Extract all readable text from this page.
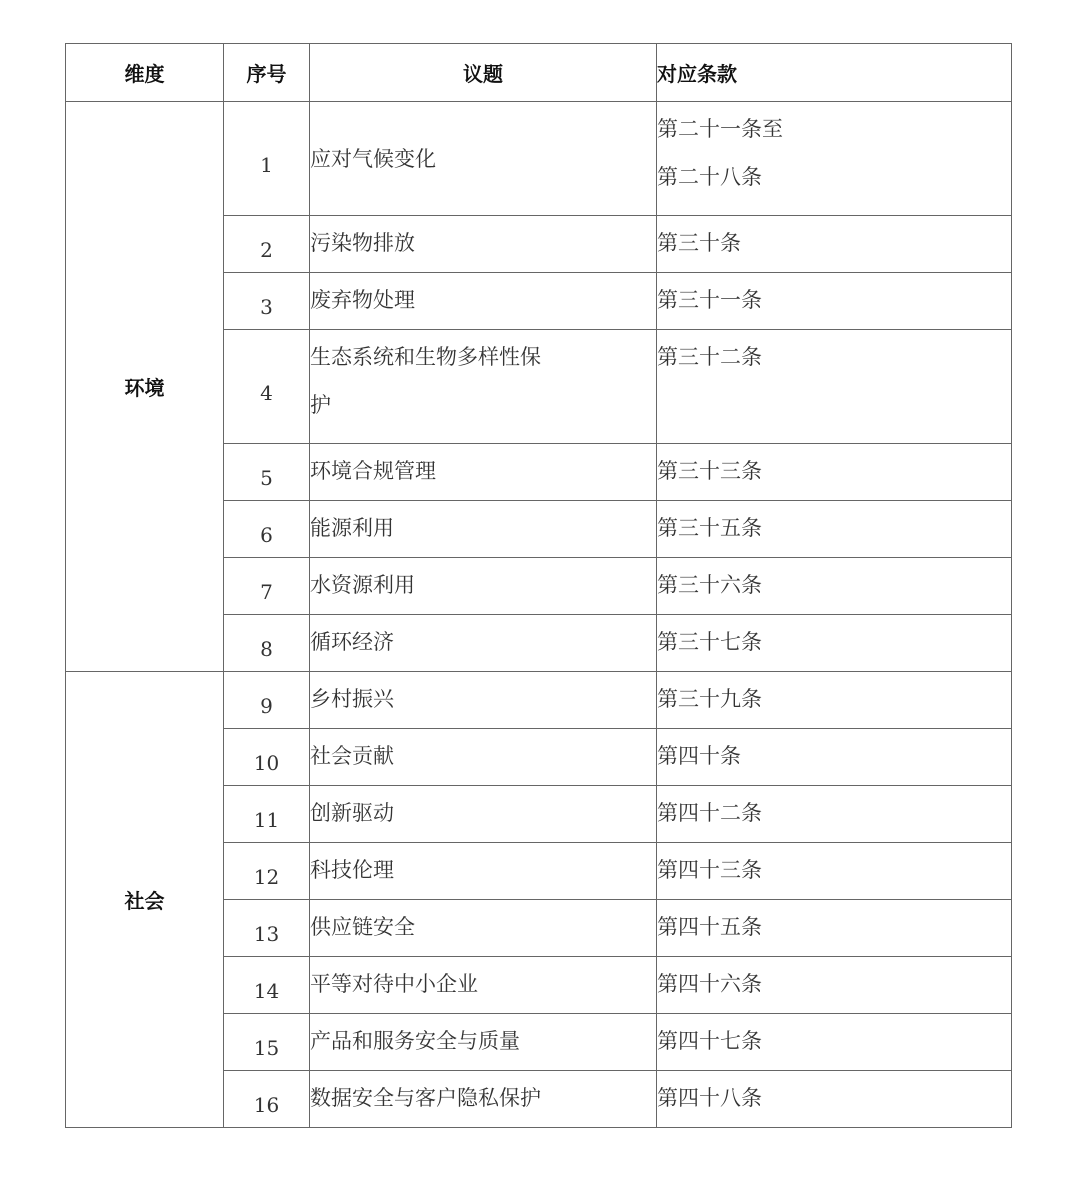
维度	序号	议题	对应条款
环境	1	应对气候变化	第二十一条至
第二十八条

	2	污染物排放	第三十条

	3	废弃物处理	第三十一条

	4	生态系统和生物多样性保
护	第三十二条

	5	环境合规管理	第三十三条

	6	能源利用	第三十五条

	7	水资源利用	第三十六条

	8	循环经济	第三十七条

社会	9	乡村振兴	第三十九条

	10	社会贡献	第四十条

	11	创新驱动	第四十二条

	12	科技伦理	第四十三条

	13	供应链安全	第四十五条

	14	平等对待中小企业	第四十六条

	15	产品和服务安全与质量	第四十七条

	16	数据安全与客户隐私保护	第四十八条
